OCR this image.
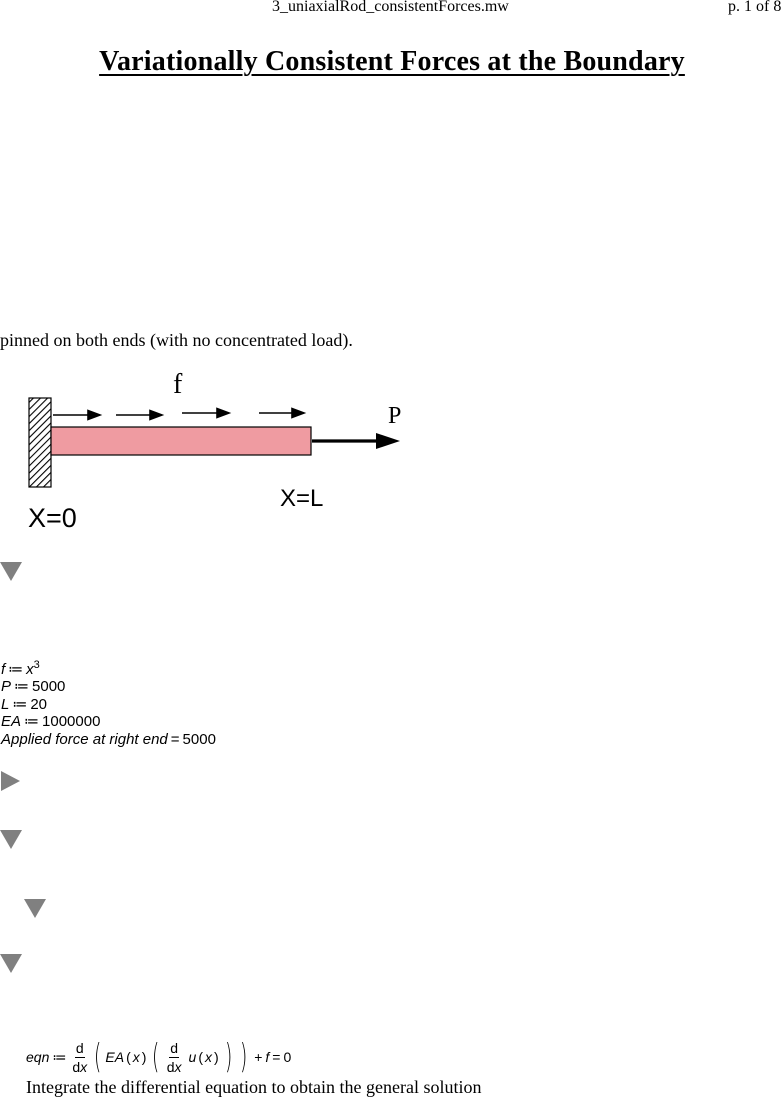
3_uniaxialRod_consistentForces.mw	p. 1 of 8
Variationally Consistent Forces at the Boundary
pinned on both ends (with no concentrated load).
f
P
X=0
X=L
f ≔ $x^3$
P ≔ 5000
L ≔ 20
EA ≔ 1000000
Applied force at right end = 5000
eqn ≔ $\frac{d}{dx}$ ( EA ( x ) ( $\frac{d}{dx}$ u ( x ) ) ) + f = 0
Integrate the differential equation to obtain the general solution
